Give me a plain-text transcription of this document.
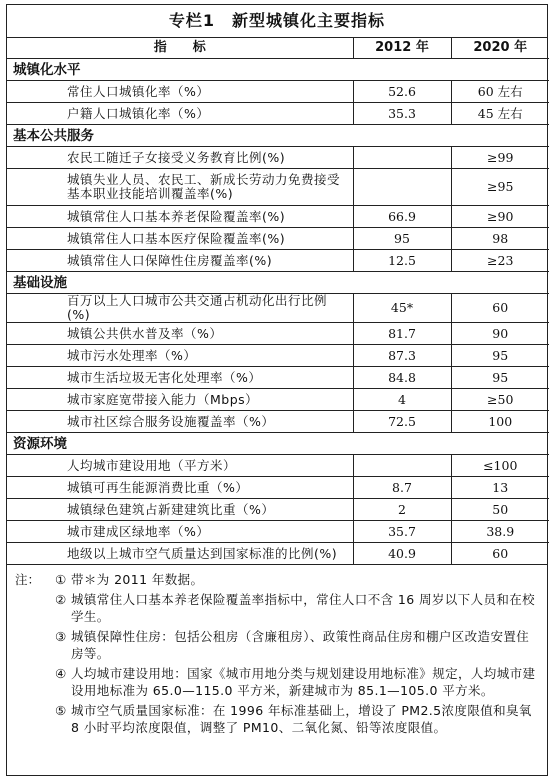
专栏1　新型城镇化主要指标
指　　标	2012 年	2020 年
城镇化水平		
常住人口城镇化率（%）	52.6	60 左右
户籍人口城镇化率（%）	35.3	45 左右
基本公共服务		
农民工随迁子女接受义务教育比例(%)		≥99
城镇失业人员、农民工、新成长劳动力免费接受基本职业技能培训覆盖率(%)		≥95
城镇常住人口基本养老保险覆盖率(%)	66.9	≥90
城镇常住人口基本医疗保险覆盖率(%)	95	98
城镇常住人口保障性住房覆盖率(%)	12.5	≥23
基础设施		
百万以上人口城市公共交通占机动化出行比例(%)	45*	60
城镇公共供水普及率（%）	81.7	90
城市污水处理率（%）	87.3	95
城市生活垃圾无害化处理率（%）	84.8	95
城市家庭宽带接入能力（Mbps）	4	≥50
城市社区综合服务设施覆盖率（%）	72.5	100
资源环境		
人均城市建设用地（平方米）		≤100
城镇可再生能源消费比重（%）	8.7	13
城镇绿色建筑占新建建筑比重（%）	2	50
城市建成区绿地率（%）	35.7	38.9
地级以上城市空气质量达到国家标准的比例(%)	40.9	60
注：	① 带＊为 2011 年数据。
② 城镇常住人口基本养老保险覆盖率指标中，常住人口不含 16 周岁以下人员和在校学生。
③ 城镇保障性住房：包括公租房（含廉租房）、政策性商品住房和棚户区改造安置住房等。
④ 人均城市建设用地：国家《城市用地分类与规划建设用地标准》规定，人均城市建设用地标准为 65.0—115.0 平方米，新建城市为 85.1—105.0 平方米。
⑤ 城市空气质量国家标准：在 1996 年标准基础上，增设了 PM2.5浓度限值和臭氧 8 小时平均浓度限值，调整了 PM10、二氧化氮、铅等浓度限值。
